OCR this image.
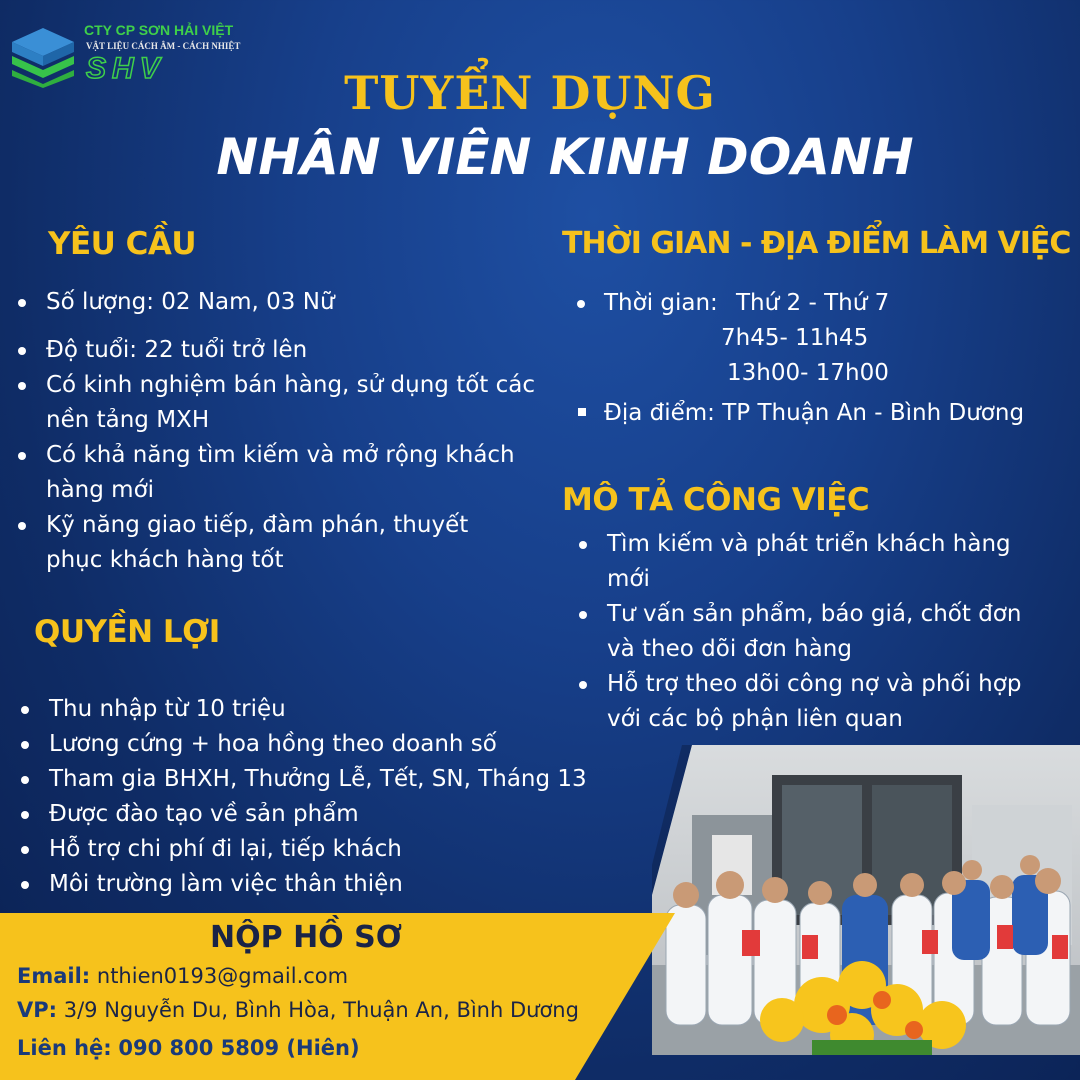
CTY CP SƠN HẢI VIỆT
VẬT LIỆU CÁCH ÂM - CÁCH NHIỆT
SHV	TUYỂN DỤNG
NHÂN VIÊN KINH DOANH
YÊU CẦU
Số lượng: 02 Nam, 03 Nữ
Độ tuổi: 22 tuổi trở lên
Có kinh nghiệm bán hàng, sử dụng tốt các nền tảng MXH
Có khả năng tìm kiếm và mở rộng khách hàng mới
Kỹ năng giao tiếp, đàm phán, thuyết phục khách hàng tốt
QUYỀN LỢI
Thu nhập từ 10 triệu
Lương cứng + hoa hồng theo doanh số
Tham gia BHXH, Thưởng Lễ, Tết, SN, Tháng 13
Được đào tạo về sản phẩm
Hỗ trợ chi phí đi lại, tiếp khách
Môi trường làm việc thân thiện
THỜI GIAN - ĐỊA ĐIỂM LÀM VIỆC
Thời gian: Thứ 2 - Thứ 7
7h45- 11h45
13h00- 17h00
Địa điểm: TP Thuận An - Bình Dương
MÔ TẢ CÔNG VIỆC
Tìm kiếm và phát triển khách hàng mới
Tư vấn sản phẩm, báo giá, chốt đơn và theo dõi đơn hàng
Hỗ trợ theo dõi công nợ và phối hợp với các bộ phận liên quan
NỘP HỒ SƠ
Email: nthien0193@gmail.com
VP: 3/9 Nguyễn Du, Bình Hòa, Thuận An, Bình Dương
Liên hệ: 090 800 5809 (Hiên)
